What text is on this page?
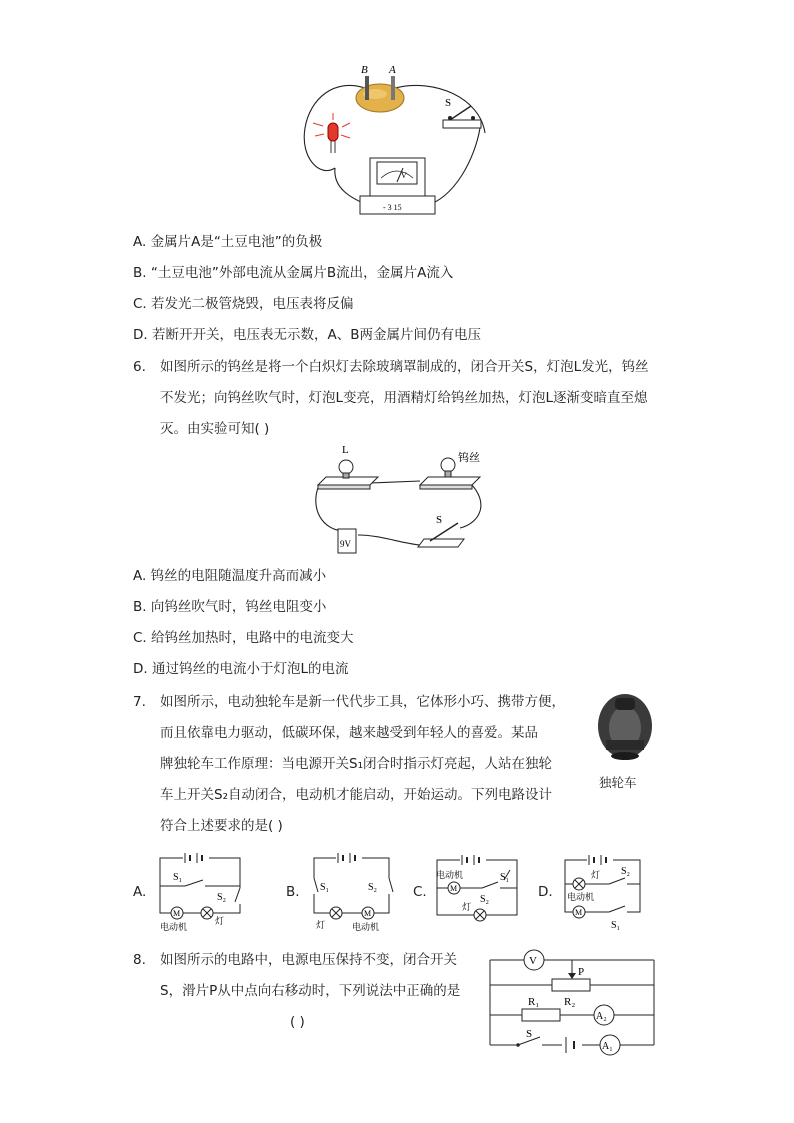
B A
S
V
- 3 15
A. 金属片A是“土豆电池”的负极
B. “土豆电池”外部电流从金属片B流出，金属片A流入
C. 若发光二极管烧毁，电压表将反偏
D. 若断开开关，电压表无示数，A、B两金属片间仍有电压
6. 如图所示的钨丝是将一个白炽灯去除玻璃罩制成的，闭合开关S，灯泡L发光，钨丝
不发光；向钨丝吹气时，灯泡L变亮，用酒精灯给钨丝加热，灯泡L逐渐变暗直至熄
灭。由实验可知( )
L
钨丝
9V
S
A. 钨丝的电阻随温度升高而减小
B. 向钨丝吹气时，钨丝电阻变小
C. 给钨丝加热时，电路中的电流变大
D. 通过钨丝的电流小于灯泡L的电流
7. 如图所示，电动独轮车是新一代代步工具，它体形小巧、携带方便，
而且依靠电力驱动，低碳环保，越来越受到年轻人的喜爱。某品
牌独轮车工作原理：当电源开关S₁闭合时指示灯亮起，人站在独轮
车上开关S₂自动闭合，电动机才能启动，开始运动。下列电路设计
符合上述要求的是( )
独轮车
A.
M
S₁
S₂
灯
电动机
B.
M
S₁	S₂
灯	电动机
C.	M
电动机	S₁
S₂
灯
D.
M
灯 S₂
电动机
S₁
8. 如图所示的电路中，电源电压保持不变，闭合开关
S，滑片P从中点向右移动时，下列说法中正确的是
( )
V
P
R₁ R₂
A₂
S
A₁
